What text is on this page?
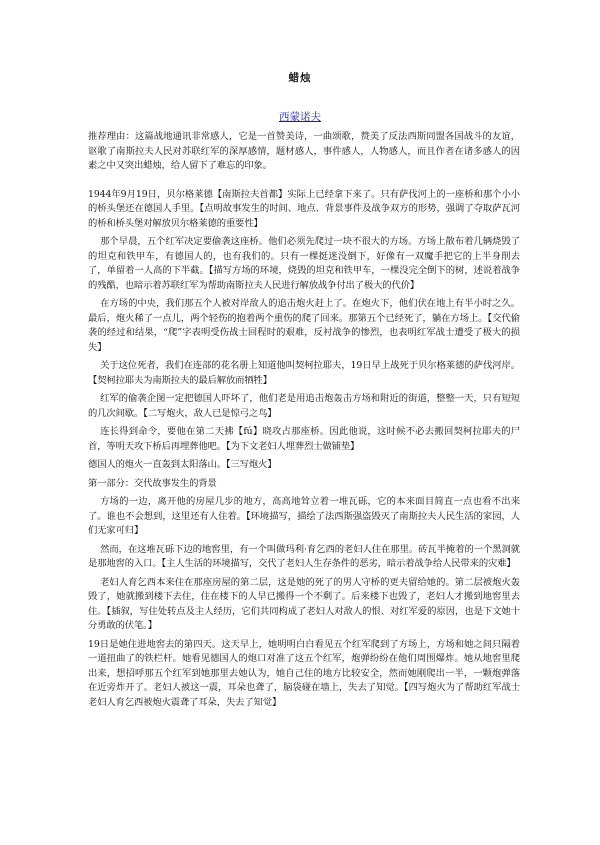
蜡烛
西蒙诺夫

推荐理由：这篇战地通讯非常感人，它是一首赞美诗，一曲颂歌，赞美了反法西斯同盟各国战斗的友谊，讴歌了南斯拉夫人民对苏联红军的深厚感情，题材感人，事件感人，人物感人，而且作者在诸多感人的因素之中又突出蜡烛，给人留下了难忘的印象。

1944年9月19日，贝尔格莱德【南斯拉夫首都】实际上已经拿下来了。只有萨伐河上的一座桥和那个小小的桥头堡还在德国人手里。【点明故事发生的时间、地点、背景事件及战争双方的形势，强调了夺取萨瓦河的桥和桥头堡对解放贝尔格莱德的重要性】

那个早晨，五个红军决定要偷袭这座桥。他们必须先爬过一块不很大的方场。方场上散布着几辆烧毁了的坦克和铁甲车，有德国人的，也有我们的。只有一棵挺迷没倒下，好像有一双魔手把它的上半身削去了，单留着一人高的下半截。【描写方场的环境，烧毁的坦克和铁甲车，一棵没完全倒下的树，述说着战争的残酷，也暗示着苏联红军为帮助南斯拉夫人民进行解放战争付出了极大的代价】

在方场的中央，我们那五个人被对岸敌人的追击炮火赶上了。在炮火下，他们伏在地上有半小时之久。最后，炮火稀了一点儿，两个轻伤的抱着两个重伤的爬了回来。那第五个已经死了，躺在方场上。【交代偷袭的经过和结果，“爬”字表明受伤战士回程时的艰难，反衬战争的惨烈，也表明红军战士遭受了极大的损失】

关于这位死者，我们在连部的花名册上知道他叫契柯拉耶夫，19日早上战死于贝尔格莱德的萨伐河岸。【契柯拉耶夫为南斯拉夫的最后解放而牺牲】

红军的偷袭企图一定把德国人吓坏了，他们老是用追击炮轰击方场和附近的街道，整整一天，只有短短的几次间歇。【二写炮火，敌人已是惊弓之鸟】

连长得到命令，要他在第二天拂【fú】晓攻占那座桥。因此他说，这时候不必去搬回契柯拉耶夫的尸首，等明天攻下桥后再埋葬他吧。【为下文老妇人埋葬烈士做铺垫】

德国人的炮火一直轰到太阳落山。【三写炮火】

第一部分：交代故事发生的背景

方场的一边，离开他的房屋几步的地方，高高地耸立着一堆瓦砾，它的本来面目简直一点也看不出来了。谁也不会想到，这里还有人住着。【环境描写，描绘了法西斯强盗毁灭了南斯拉夫人民生活的家园，人们无家可归】

然而，在这堆瓦砾下边的地窖里，有一个叫做玛利·育乞西的老妇人住在那里。砖瓦半掩着的一个黑洞就是那地窖的入口。【主人生活的环境描写，交代了老妇人生存条件的恶劣，暗示着战争给人民带来的灾难】

老妇人育乞西本来住在那座房屋的第二层，这是她的死了的男人守桥的更夫留给她的。第二层被炮火轰毁了，她就搬到楼下去住，住在楼下的人早已搬得一个不剩了。后来楼下也毁了，老妇人才搬到地窖里去住。【插叙，写住处转点及主人经历，它们共同构成了老妇人对敌人的恨、对红军爱的原因，也是下文她十分勇敢的伏笔。】

19日是她住进地窖去的第四天。这天早上，她明明白白看见五个红军爬到了方场上，方场和她之间只隔着一道扭曲了的铁栏杆。她看见德国人的炮口对准了这五个红军，炮弹纷纷在他们周围爆炸。她从地窖里爬出来，想招呼那五个红军到她那里去她认为，她自己住的地方比较安全，然而她刚爬出一半，一颗炮弹落在近旁炸开了。老妇人被这一震，耳朵也聋了，脑袋碰在墙上，失去了知觉。【四写炮火为了帮助红军战士老妇人育乞西被炮火震聋了耳朵，失去了知觉】
